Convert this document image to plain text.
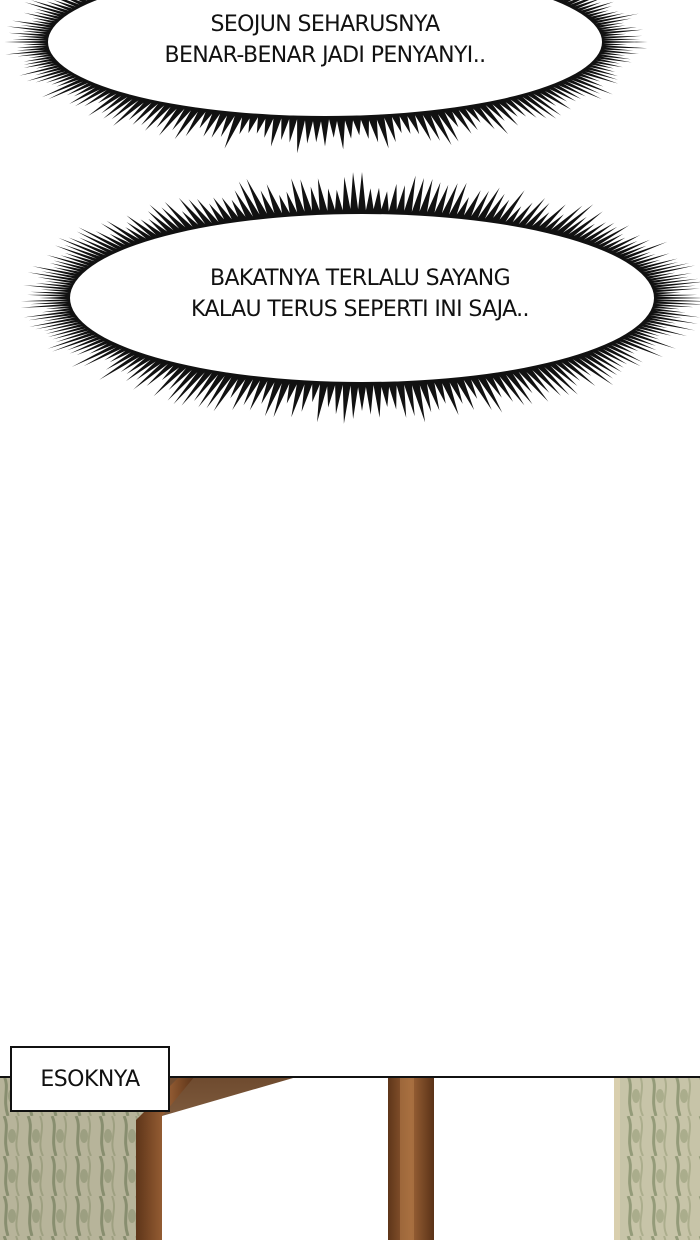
SEOJUN SEHARUSNYA
BENAR-BENAR JADI PENYANYI..
BAKATNYA TERLALU SAYANG
KALAU TERUS SEPERTI INI SAJA..
ESOKNYA
